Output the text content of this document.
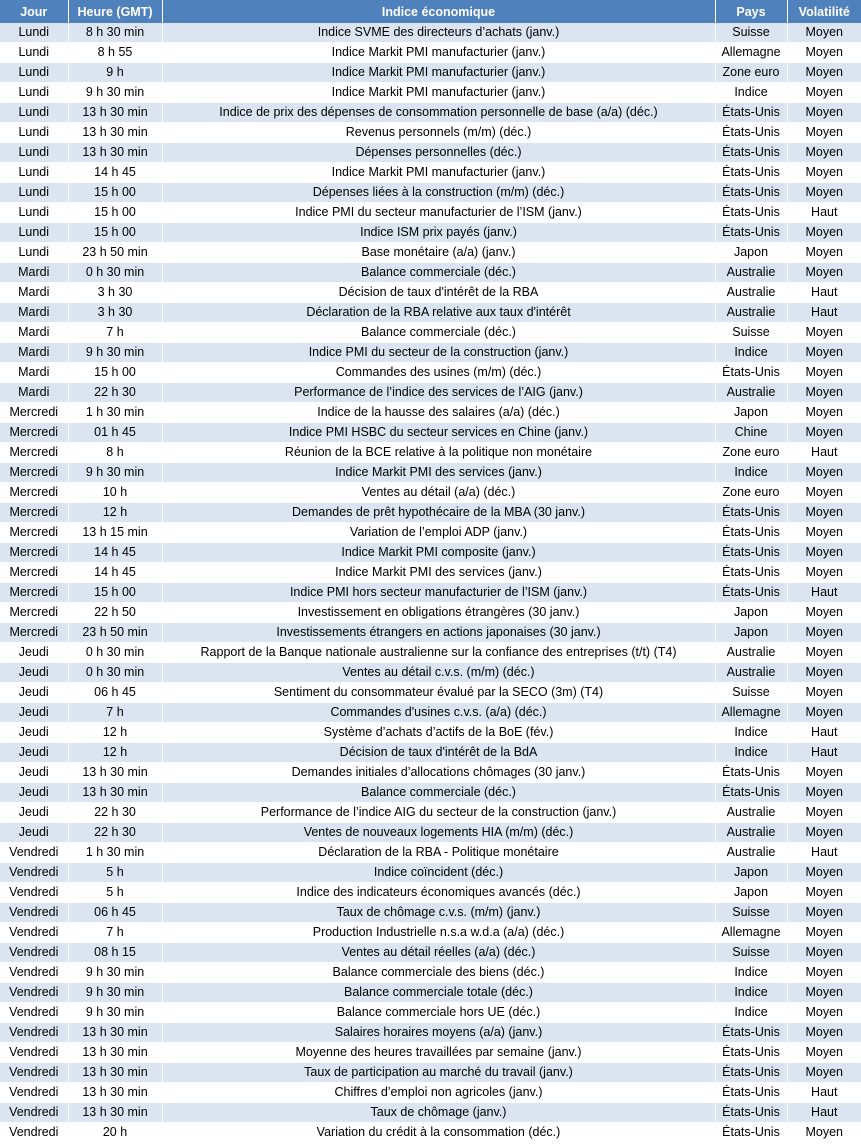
Jour	Heure (GMT)	Indice économique	Pays	Volatilité
Lundi	8 h 30 min	Indice SVME des directeurs d’achats (janv.)	Suisse	Moyen
Lundi	8 h 55	Indice Markit PMI manufacturier (janv.)	Allemagne	Moyen
Lundi	9 h	Indice Markit PMI manufacturier (janv.)	Zone euro	Moyen
Lundi	9 h 30 min	Indice Markit PMI manufacturier (janv.)	Indice	Moyen
Lundi	13 h 30 min	Indice de prix des dépenses de consommation personnelle de base (a/a) (déc.)	États-Unis	Moyen
Lundi	13 h 30 min	Revenus personnels (m/m) (déc.)	États-Unis	Moyen
Lundi	13 h 30 min	Dépenses personnelles (déc.)	États-Unis	Moyen
Lundi	14 h 45	Indice Markit PMI manufacturier (janv.)	États-Unis	Moyen
Lundi	15 h 00	Dépenses liées à la construction (m/m) (déc.)	États-Unis	Moyen
Lundi	15 h 00	Indice PMI du secteur manufacturier de l’ISM (janv.)	États-Unis	Haut
Lundi	15 h 00	Indice ISM prix payés (janv.)	États-Unis	Moyen
Lundi	23 h 50 min	Base monétaire (a/a) (janv.)	Japon	Moyen
Mardi	0 h 30 min	Balance commerciale (déc.)	Australie	Moyen
Mardi	3 h 30	Décision de taux d'intérêt de la RBA	Australie	Haut
Mardi	3 h 30	Déclaration de la RBA relative aux taux d'intérêt	Australie	Haut
Mardi	7 h	Balance commerciale (déc.)	Suisse	Moyen
Mardi	9 h 30 min	Indice PMI du secteur de la construction (janv.)	Indice	Moyen
Mardi	15 h 00	Commandes des usines (m/m) (déc.)	États-Unis	Moyen
Mardi	22 h 30	Performance de l’indice des services de l’AIG (janv.)	Australie	Moyen
Mercredi	1 h 30 min	Indice de la hausse des salaires (a/a) (déc.)	Japon	Moyen
Mercredi	01 h 45	Indice PMI HSBC du secteur services en Chine (janv.)	Chine	Moyen
Mercredi	8 h	Réunion de la BCE relative à la politique non monétaire	Zone euro	Haut
Mercredi	9 h 30 min	Indice Markit PMI des services (janv.)	Indice	Moyen
Mercredi	10 h	Ventes au détail (a/a) (déc.)	Zone euro	Moyen
Mercredi	12 h	Demandes de prêt hypothécaire de la MBA (30 janv.)	États-Unis	Moyen
Mercredi	13 h 15 min	Variation de l’emploi ADP (janv.)	États-Unis	Moyen
Mercredi	14 h 45	Indice Markit PMI composite (janv.)	États-Unis	Moyen
Mercredi	14 h 45	Indice Markit PMI des services (janv.)	États-Unis	Moyen
Mercredi	15 h 00	Indice PMI hors secteur manufacturier de l’ISM (janv.)	États-Unis	Haut
Mercredi	22 h 50	Investissement en obligations étrangères (30 janv.)	Japon	Moyen
Mercredi	23 h 50 min	Investissements étrangers en actions japonaises (30 janv.)	Japon	Moyen
Jeudi	0 h 30 min	Rapport de la Banque nationale australienne sur la confiance des entreprises (t/t) (T4)	Australie	Moyen
Jeudi	0 h 30 min	Ventes au détail c.v.s. (m/m) (déc.)	Australie	Moyen
Jeudi	06 h 45	Sentiment du consommateur évalué par la SECO (3m) (T4)	Suisse	Moyen
Jeudi	7 h	Commandes d'usines c.v.s. (a/a) (déc.)	Allemagne	Moyen
Jeudi	12 h	Système d’achats d’actifs de la BoE (fév.)	Indice	Haut
Jeudi	12 h	Décision de taux d'intérêt de la BdA	Indice	Haut
Jeudi	13 h 30 min	Demandes initiales d’allocations chômages (30 janv.)	États-Unis	Moyen
Jeudi	13 h 30 min	Balance commerciale (déc.)	États-Unis	Moyen
Jeudi	22 h 30	Performance de l’indice AIG du secteur de la construction (janv.)	Australie	Moyen
Jeudi	22 h 30	Ventes de nouveaux logements HIA (m/m) (déc.)	Australie	Moyen
Vendredi	1 h 30 min	Déclaration de la RBA - Politique monétaire	Australie	Haut
Vendredi	5 h	Indice coïncident (déc.)	Japon	Moyen
Vendredi	5 h	Indice des indicateurs économiques avancés (déc.)	Japon	Moyen
Vendredi	06 h 45	Taux de chômage c.v.s. (m/m) (janv.)	Suisse	Moyen
Vendredi	7 h	Production Industrielle n.s.a w.d.a (a/a) (déc.)	Allemagne	Moyen
Vendredi	08 h 15	Ventes au détail réelles (a/a) (déc.)	Suisse	Moyen
Vendredi	9 h 30 min	Balance commerciale des biens (déc.)	Indice	Moyen
Vendredi	9 h 30 min	Balance commerciale totale (déc.)	Indice	Moyen
Vendredi	9 h 30 min	Balance commerciale hors UE (déc.)	Indice	Moyen
Vendredi	13 h 30 min	Salaires horaires moyens (a/a) (janv.)	États-Unis	Moyen
Vendredi	13 h 30 min	Moyenne des heures travaillées par semaine (janv.)	États-Unis	Moyen
Vendredi	13 h 30 min	Taux de participation au marché du travail (janv.)	États-Unis	Moyen
Vendredi	13 h 30 min	Chiffres d’emploi non agricoles (janv.)	États-Unis	Haut
Vendredi	13 h 30 min	Taux de chômage (janv.)	États-Unis	Haut
Vendredi	20 h	Variation du crédit à la consommation (déc.)	États-Unis	Moyen
